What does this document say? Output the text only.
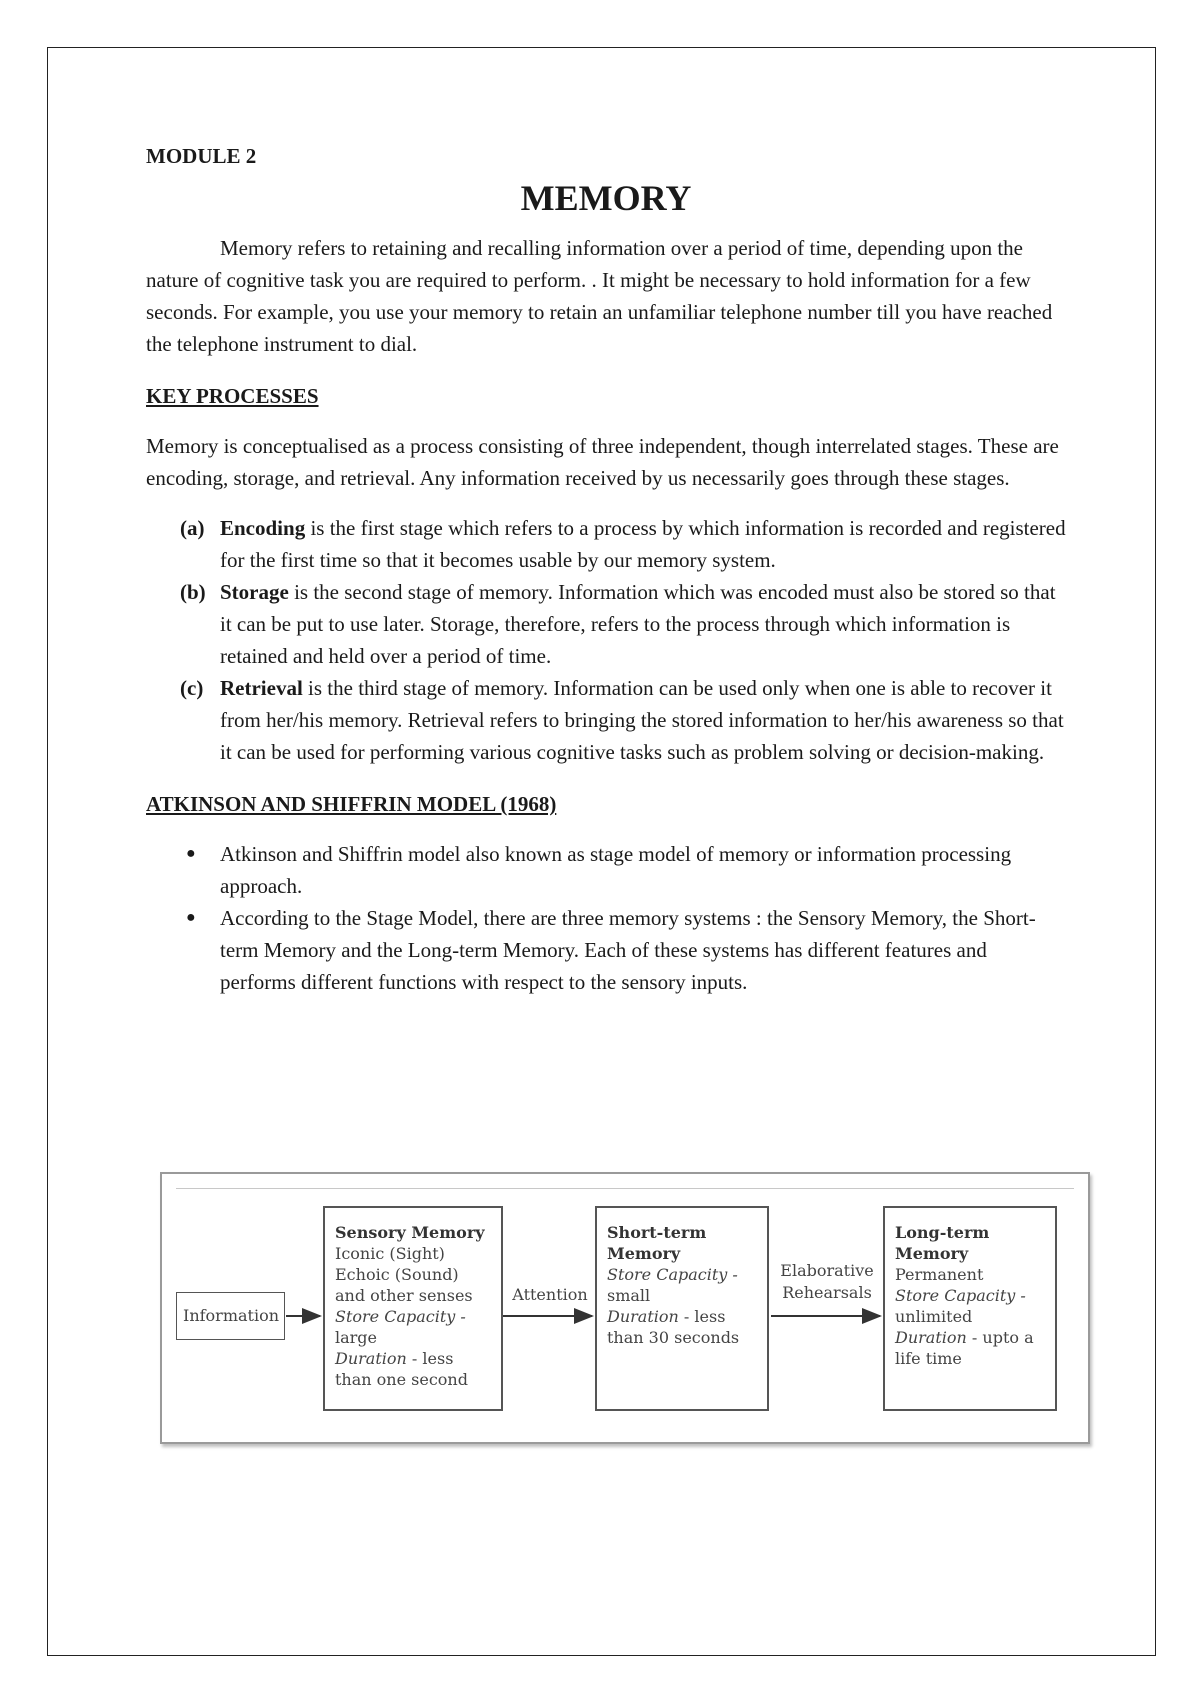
MODULE 2

MEMORY

Memory refers to retaining and recalling information over a period of time, depending upon the nature of cognitive task you are required to perform. . It might be necessary to hold information for a few seconds. For example, you use your memory to retain an unfamiliar telephone number till you have reached the telephone instrument to dial.

KEY PROCESSES

Memory is conceptualised as a process consisting of three independent, though interrelated stages. These are encoding, storage, and retrieval. Any information received by us necessarily goes through these stages.

(a) Encoding is the first stage which refers to a process by which information is recorded and registered for the first time so that it becomes usable by our memory system.
(b) Storage is the second stage of memory. Information which was encoded must also be stored so that it can be put to use later. Storage, therefore, refers to the process through which information is retained and held over a period of time.
(c) Retrieval is the third stage of memory. Information can be used only when one is able to recover it from her/his memory. Retrieval refers to bringing the stored information to her/his awareness so that it can be used for performing various cognitive tasks such as problem solving or decision-making.

ATKINSON AND SHIFFRIN MODEL (1968)

● Atkinson and Shiffrin model also known as stage model of memory or information processing approach.
● According to the Stage Model, there are three memory systems : the Sensory Memory, the Short-term Memory and the Long-term Memory. Each of these systems has different features and performs different functions with respect to the sensory inputs.
Information
Sensory Memory
Iconic (Sight)
Echoic (Sound)
and other senses
Store Capacity -
large
Duration - less than one second
Attention
Short-term Memory
Store Capacity -
small
Duration - less than 30 seconds
Elaborative Rehearsals
Long-term Memory
Permanent
Store Capacity -
unlimited
Duration - upto a life time
